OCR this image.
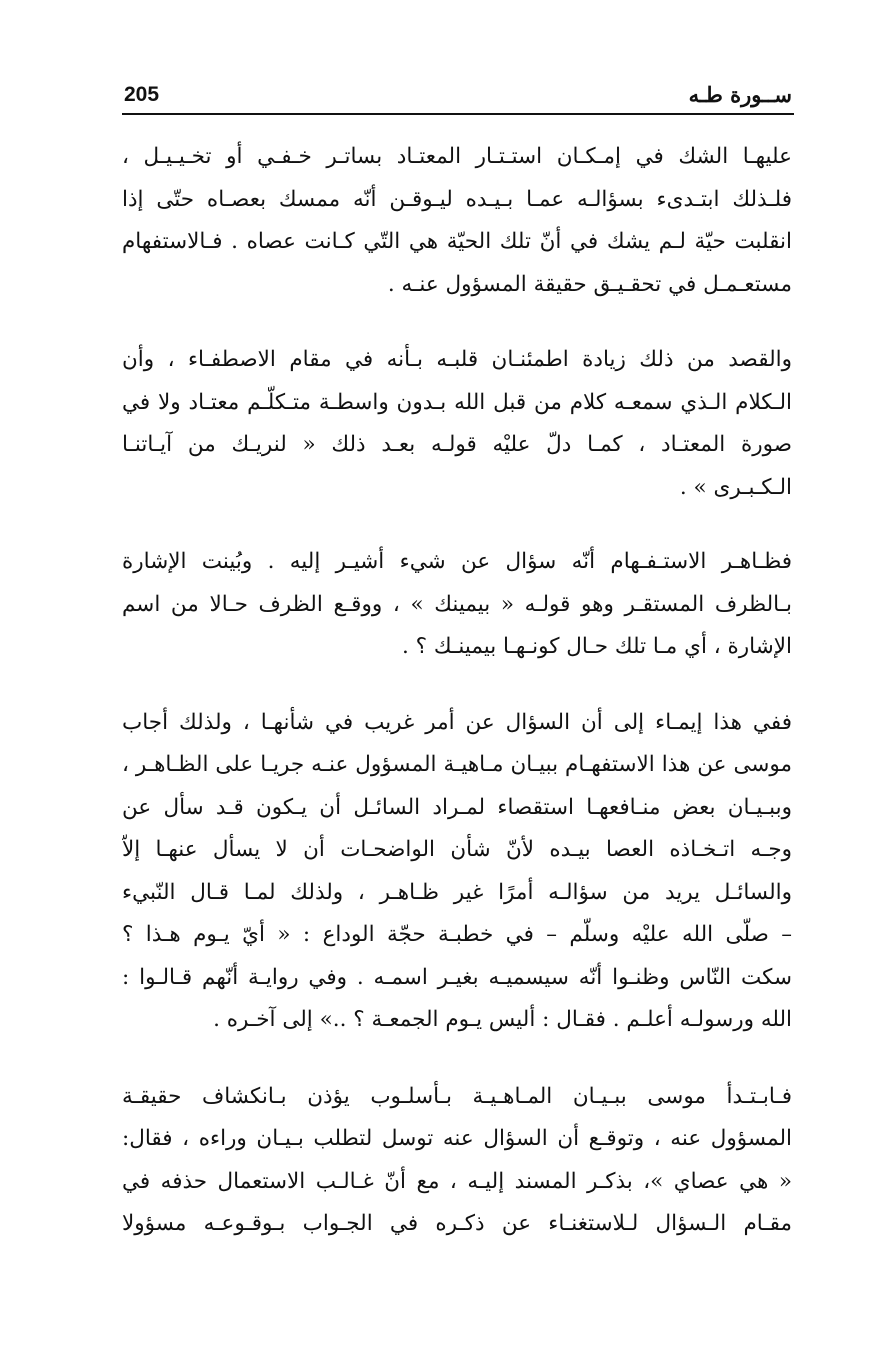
ســورة طـه
205
عليهـا الشك في إمـكـان استـتـار المعتـاد بساتـر خـفـي أو تخـيـيـل ،
فلـذلك ابتـدىء بسؤالـه عمـا بـيـده ليـوقـن أنّه ممسك بعصـاه حتّى إذا
انقلبت حيّة لـم يشك في أنّ تلك الحيّة هي التّي كـانت عصاه . فـالاستفهام
مستعـمـل في تحقـيـق حقيقة المسؤول عنـه .
والقصد من ذلك زيادة اطمئنـان قلبـه بـأنه في مقام الاصطفـاء ، وأن
الـكلام الـذي سمعـه كلام من قبل الله بـدون واسطـة متـكلّـم معتـاد ولا في
صورة المعتـاد ، كمـا دلّ عليْه قولـه بعـد ذلك « لنريـك من آيـاتنـا
الـكـبـرى » .
فظـاهـر الاستـفـهام أنّه سؤال عن شيء أشيـر إليه . وبُينت الإشارة
بـالظرف المستقـر وهو قولـه « بيمينك » ، ووقـع الظرف حـالا من اسم
الإشارة ، أي مـا تلك حـال كونـهـا بيمينـك ؟ .
ففي هذا إيمـاء إلى أن السؤال عن أمر غريب في شأنهـا ، ولذلك أجاب
موسى عن هذا الاستفهـام ببيـان مـاهيـة المسؤول عنـه جريـا على الظـاهـر ،
وببـيـان بعض منـافعهـا استقصاء لمـراد السائـل أن يـكون قـد سأل عن
وجـه اتـخـاذه العصا بيـده لأنّ شأن الواضحـات أن لا يسأل عنهـا إلاّ
والسائـل يريد من سؤالـه أمرًا غير ظـاهـر ، ولذلك لمـا قـال النّبيء
– صلّى الله عليْه وسلّم – في خطبـة حجّة الوداع : « أيّ يـوم هـذا ؟
سكت النّاس وظنـوا أنّه سيسميـه بغيـر اسمـه . وفي روايـة أنّهم قـالـوا :
الله ورسولـه أعلـم . فقـال : أليس يـوم الجمعـة ؟ ..» إلى آخـره .
فـابـتـدأ موسى ببـيـان المـاهـيـة بـأسلـوب يؤذن بـانكشاف حقيقـة
المسؤول عنه ، وتوقـع أن السؤال عنه توسل لتطلب بـيـان وراءه ، فقال:
« هي عصاي »، بذكـر المسند إليـه ، مع أنّ غـالـب الاستعمال حذفه في
مقـام الـسؤال لـلاستغنـاء عن ذكـره في الجـواب بـوقـوعـه مسؤولا
